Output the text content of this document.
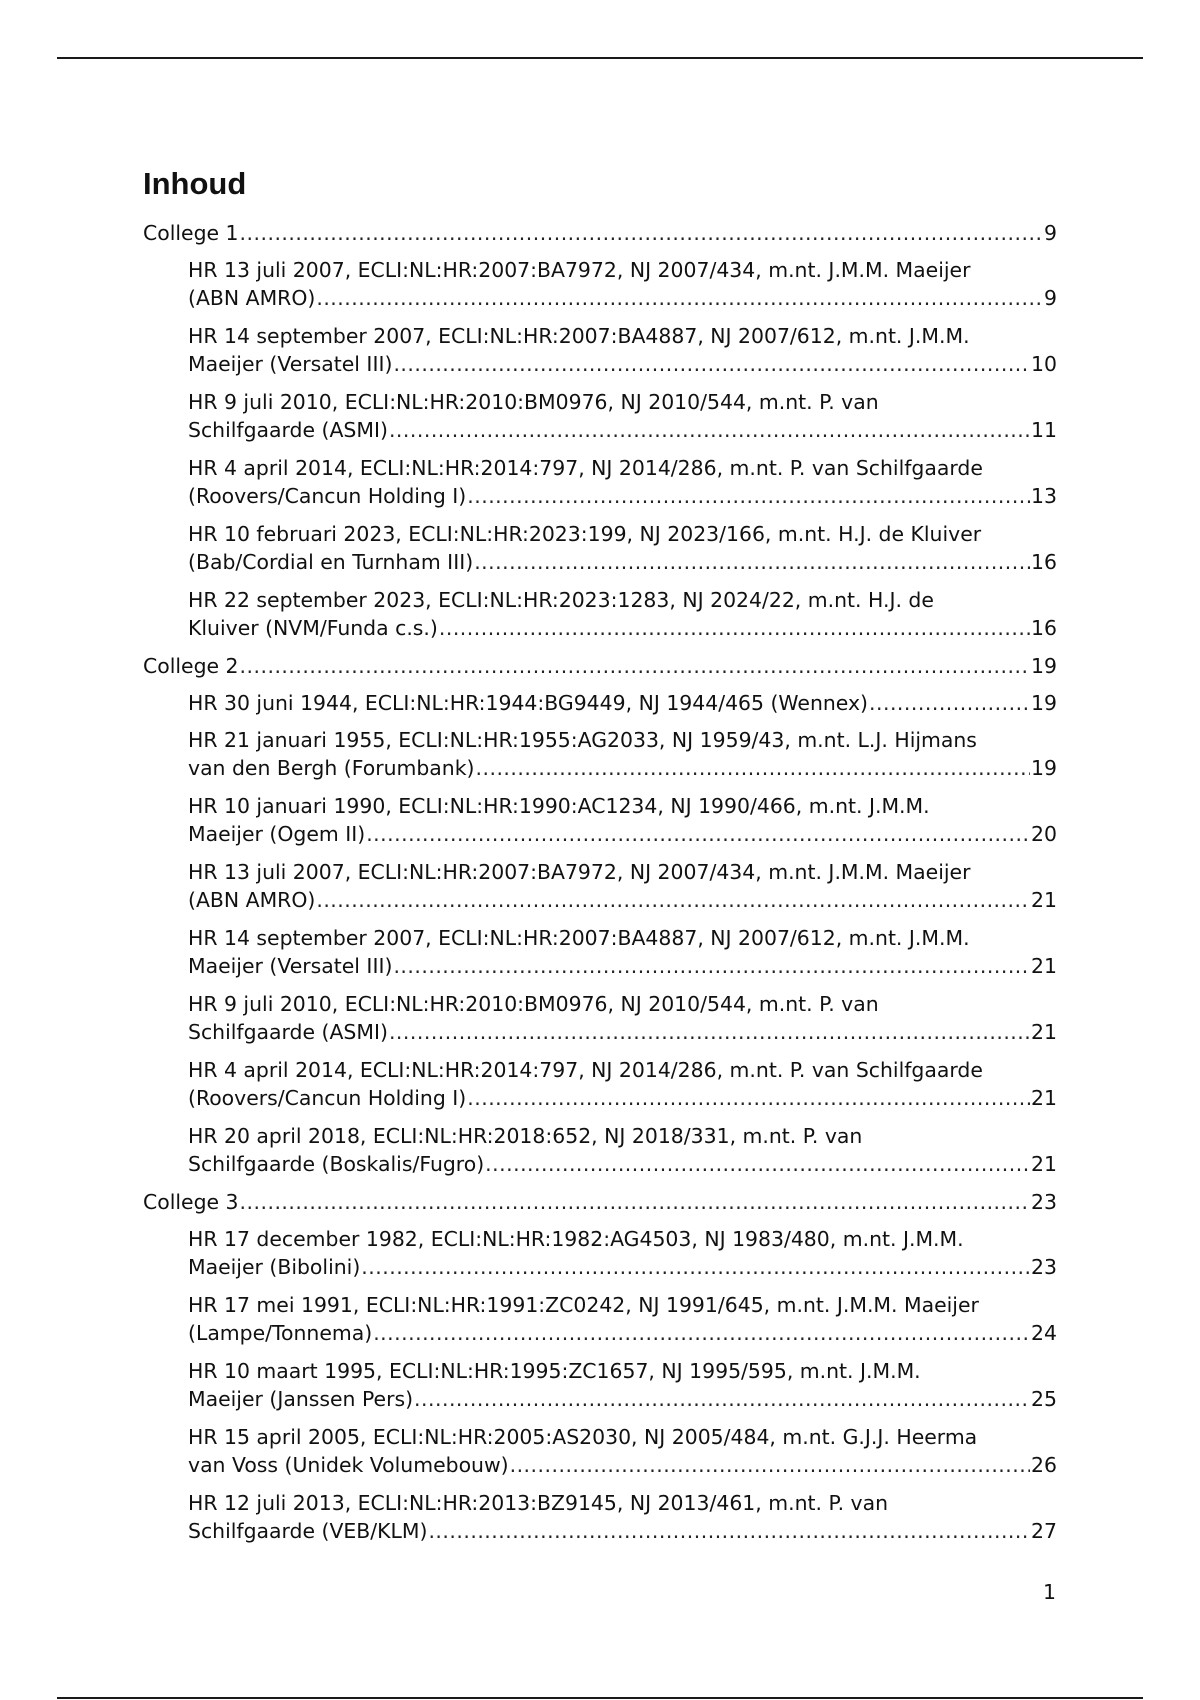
Inhoud
College 1 .....	9
HR 13 juli 2007, ECLI:NL:HR:2007:BA7972, NJ 2007/434, m.nt. J.M.M. Maeijer
(ABN AMRO) .....	9
HR 14 september 2007, ECLI:NL:HR:2007:BA4887, NJ 2007/612, m.nt. J.M.M.
Maeijer (Versatel III) .....	10
HR 9 juli 2010, ECLI:NL:HR:2010:BM0976, NJ 2010/544, m.nt. P. van
Schilfgaarde (ASMI) .....	11
HR 4 april 2014, ECLI:NL:HR:2014:797, NJ 2014/286, m.nt. P. van Schilfgaarde
(Roovers/Cancun Holding I) .....	13
HR 10 februari 2023, ECLI:NL:HR:2023:199, NJ 2023/166, m.nt. H.J. de Kluiver
(Bab/Cordial en Turnham III) .....	16
HR 22 september 2023, ECLI:NL:HR:2023:1283, NJ 2024/22, m.nt. H.J. de
Kluiver (NVM/Funda c.s.) .....	16
College 2 .....	19
HR 30 juni 1944, ECLI:NL:HR:1944:BG9449, NJ 1944/465 (Wennex) .....	19
HR 21 januari 1955, ECLI:NL:HR:1955:AG2033, NJ 1959/43, m.nt. L.J. Hijmans
van den Bergh (Forumbank) .....	19
HR 10 januari 1990, ECLI:NL:HR:1990:AC1234, NJ 1990/466, m.nt. J.M.M.
Maeijer (Ogem II) .....	20
HR 13 juli 2007, ECLI:NL:HR:2007:BA7972, NJ 2007/434, m.nt. J.M.M. Maeijer
(ABN AMRO) .....	21
HR 14 september 2007, ECLI:NL:HR:2007:BA4887, NJ 2007/612, m.nt. J.M.M.
Maeijer (Versatel III) .....	21
HR 9 juli 2010, ECLI:NL:HR:2010:BM0976, NJ 2010/544, m.nt. P. van
Schilfgaarde (ASMI) .....	21
HR 4 april 2014, ECLI:NL:HR:2014:797, NJ 2014/286, m.nt. P. van Schilfgaarde
(Roovers/Cancun Holding I) .....	21
HR 20 april 2018, ECLI:NL:HR:2018:652, NJ 2018/331, m.nt. P. van
Schilfgaarde (Boskalis/Fugro) .....	21
College 3 .....	23
HR 17 december 1982, ECLI:NL:HR:1982:AG4503, NJ 1983/480, m.nt. J.M.M.
Maeijer (Bibolini) .....	23
HR 17 mei 1991, ECLI:NL:HR:1991:ZC0242, NJ 1991/645, m.nt. J.M.M. Maeijer
(Lampe/Tonnema) .....	24
HR 10 maart 1995, ECLI:NL:HR:1995:ZC1657, NJ 1995/595, m.nt. J.M.M.
Maeijer (Janssen Pers) .....	25
HR 15 april 2005, ECLI:NL:HR:2005:AS2030, NJ 2005/484, m.nt. G.J.J. Heerma
van Voss (Unidek Volumebouw) .....	26
HR 12 juli 2013, ECLI:NL:HR:2013:BZ9145, NJ 2013/461, m.nt. P. van
Schilfgaarde (VEB/KLM) .....	27
1
